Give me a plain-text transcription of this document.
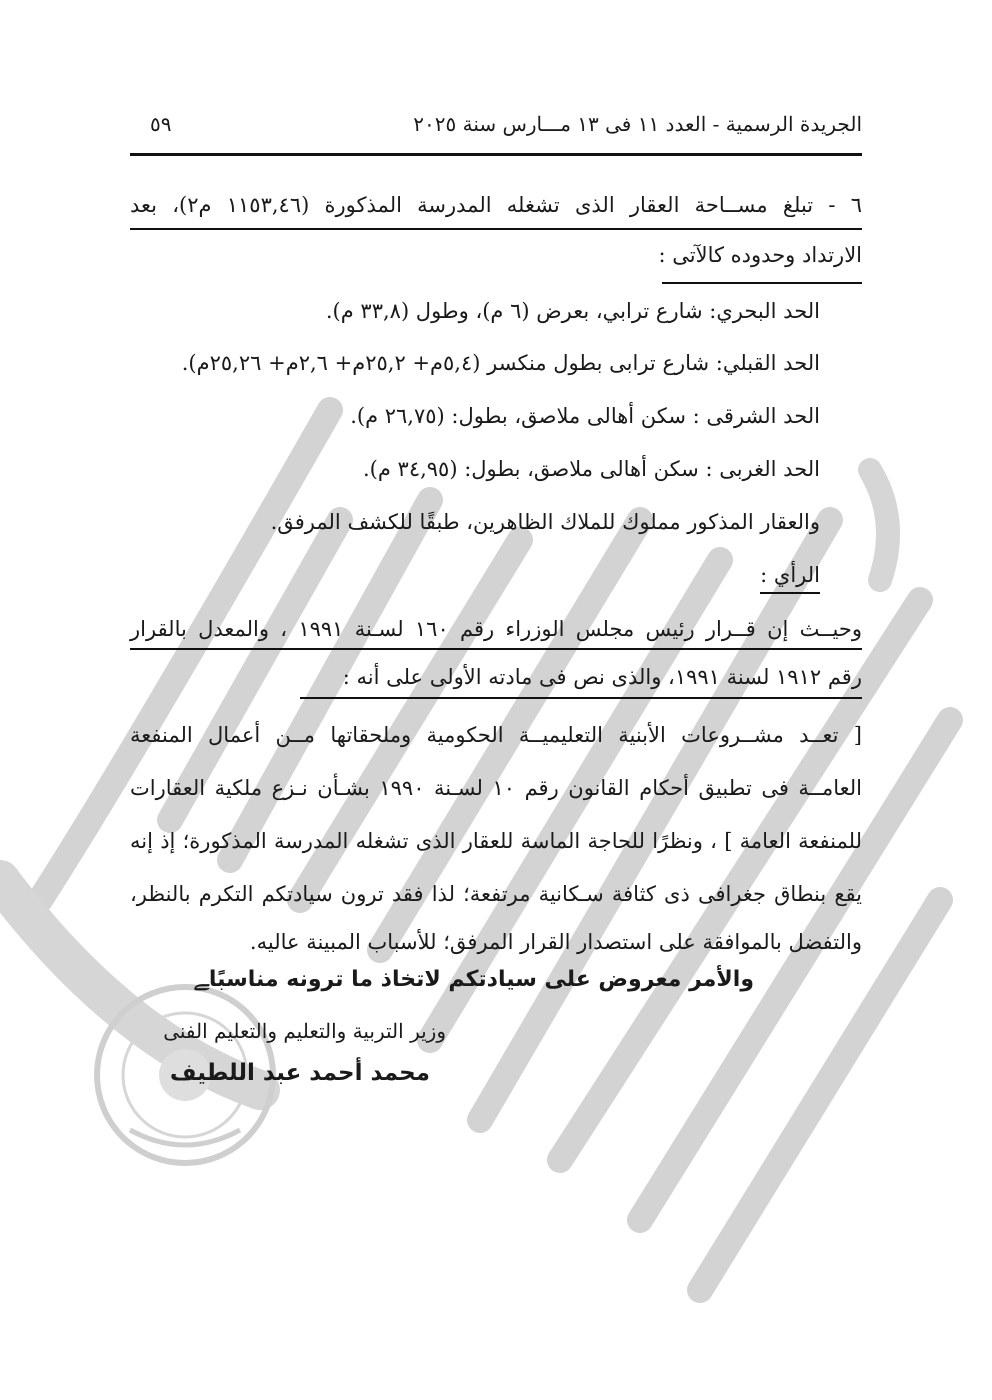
الجريدة الرسمية - العدد ١١ فى ١٣ مـــارس سنة ٢٠٢٥
٥٩
٦ - تبلغ مســاحة العقار الذى تشغله المدرسة المذكورة (١١٥٣,٤٦ م٢)، بعد
الارتداد وحدوده كالآتى :
الحد البحري: شارع ترابي، بعرض (٦ م)، وطول (٣٣,٨ م).
الحد القبلي: شارع ترابى بطول منكسر (٥,٤م+ ٢٥,٢م+ ٢,٦م+ ٢٥,٢٦م).
الحد الشرقى : سكن أهالى ملاصق، بطول: (٢٦,٧٥ م).
الحد الغربى : سكن أهالى ملاصق، بطول: (٣٤,٩٥ م).
والعقار المذكور مملوك للملاك الظاهرين، طبقًا للكشف المرفق.
الرأي :
وحيــث إن قــرار رئيس مجلس الوزراء رقم ١٦٠ لسـنة ١٩٩١ ، والمعدل بالقرار
رقم ١٩١٢ لسنة ١٩٩١، والذى نص فى مادته الأولى على أنه :
[ تعــد مشــروعات الأبنية التعليميــة الحكومية وملحقاتها مــن أعمال المنفعة
العامــة فى تطبيق أحكام القانون رقم ١٠ لسـنة ١٩٩٠ بشـأن نـزع ملكية العقارات
للمنفعة العامة ] ، ونظرًا للحاجة الماسة للعقار الذى تشغله المدرسة المذكورة؛ إذ إنه
يقع بنطاق جغرافى ذى كثافة سـكانية مرتفعة؛ لذا فقد ترون سيادتكم التكرم بالنظر،
والتفضل بالموافقة على استصدار القرار المرفق؛ للأسباب المبينة عاليه.
والأمر معروض على سيادتكم لاتخاذ ما ترونه مناسبًاﮯ
وزير التربية والتعليم والتعليم الفنى
محمد أحمد عبد اللطيف
